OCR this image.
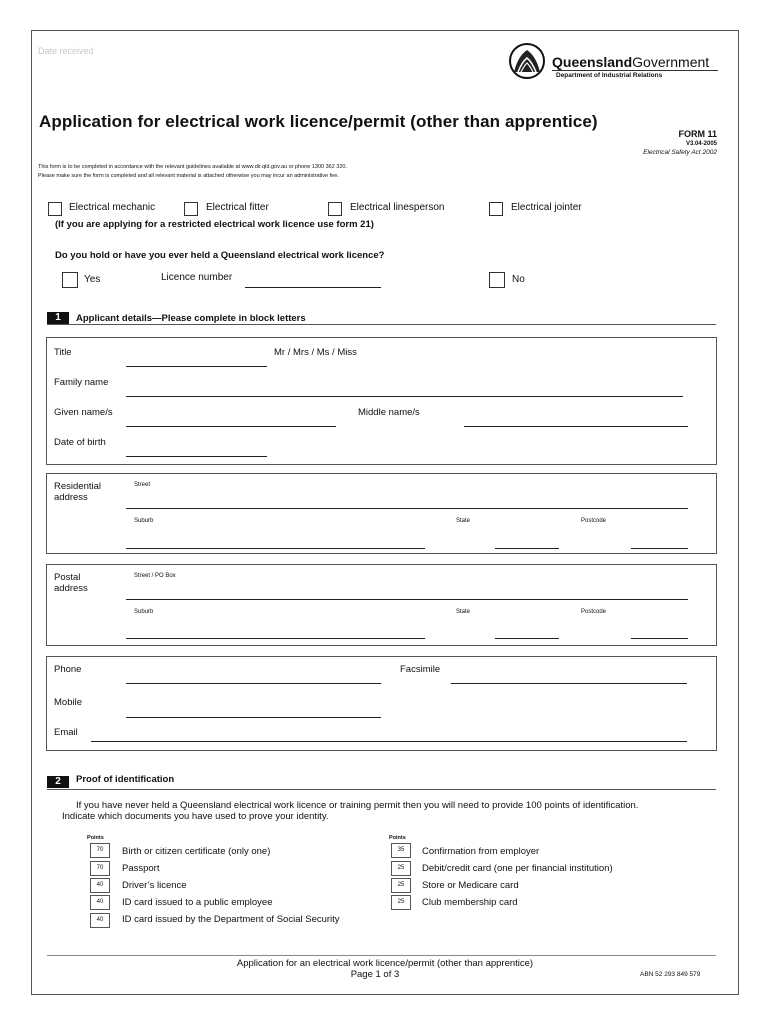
Date received
QueenslandGovernment
Department of Industrial Relations
Application for electrical work licence/permit (other than apprentice)
FORM 11
V3.04-2005
Electrical Safety Act 2002
This form is to be completed in accordance with the relevant guidelines available at www.dir.qld.gov.au or phone 1300 362 320.
Please make sure the form is completed and all relevant material is attached otherwise you may incur an administrative fee.
Electrical mechanic	Electrical fitter	Electrical linesperson	Electrical jointer
(If you are applying for a restricted electrical work licence use form 21)
Do you hold or have you ever held a Queensland electrical work licence?
Yes	Licence number	No
1	Applicant details—Please complete in block letters
Title	Mr / Mrs / Ms / Miss
Family name
Given name/s	Middle name/s
Date of birth
Residential
address
Street
Suburb	State	Postcode
Postal
address
Street / PO Box
Suburb	State	Postcode
Phone	Facsimile
Mobile
Email
2	Proof of identification
If you have never held a Queensland electrical work licence or training permit then you will need to provide 100 points of identification.
Indicate which documents you have used to prove your identity.
Points	Points
70	Birth or citizen certificate (only one)
70	Passport
40	Driver’s licence
40	ID card issued to a public employee
40	ID card issued by the Department of Social Security
35	Confirmation from employer
25	Debit/credit card (one per financial institution)
25	Store or Medicare card
25	Club membership card
Application for an electrical work licence/permit (other than apprentice)
Page 1 of 3	ABN 52 293 849 579
